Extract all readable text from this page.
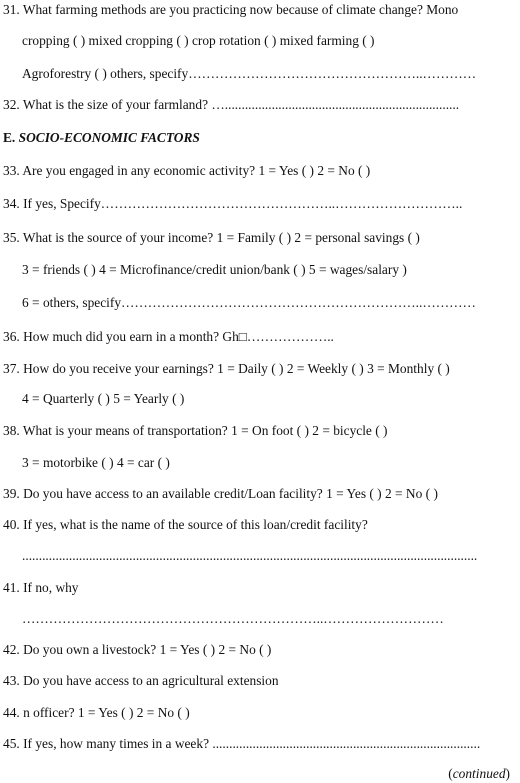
31. What farming methods are you practicing now because of climate change? Mono
cropping ( ) mixed cropping ( ) crop rotation ( ) mixed farming ( )
Agroforestry ( ) others, specify……………………………………………..…………
32. What is the size of your farmland? …......................................................................
E. SOCIO-ECONOMIC FACTORS
33. Are you engaged in any economic activity? 1 = Yes ( ) 2 = No ( )
34. If yes, Specify……………………………………………..………………………..
35. What is the source of your income? 1 = Family ( ) 2 = personal savings ( )
3 = friends ( ) 4 = Microfinance/credit union/bank ( ) 5 = wages/salary )
6 = others, specify…………………………………………………………..…………
36. How much did you earn in a month? Gh□………………..
37. How do you receive your earnings? 1 = Daily ( ) 2 = Weekly ( ) 3 = Monthly ( )
4 = Quarterly ( ) 5 = Yearly ( )
38. What is your means of transportation? 1 = On foot ( ) 2 = bicycle ( )
3 = motorbike ( ) 4 = car ( )
39. Do you have access to an available credit/Loan facility? 1 = Yes ( ) 2 = No ( )
40. If yes, what is the name of the source of this loan/credit facility?
........................................................................................................................................
41. If no, why
…………………………………………………………..………………………
42. Do you own a livestock? 1 = Yes ( ) 2 = No ( )
43. Do you have access to an agricultural extension
44. n officer? 1 = Yes ( ) 2 = No ( )
45. If yes, how many times in a week? ................................................................................
(continued)
